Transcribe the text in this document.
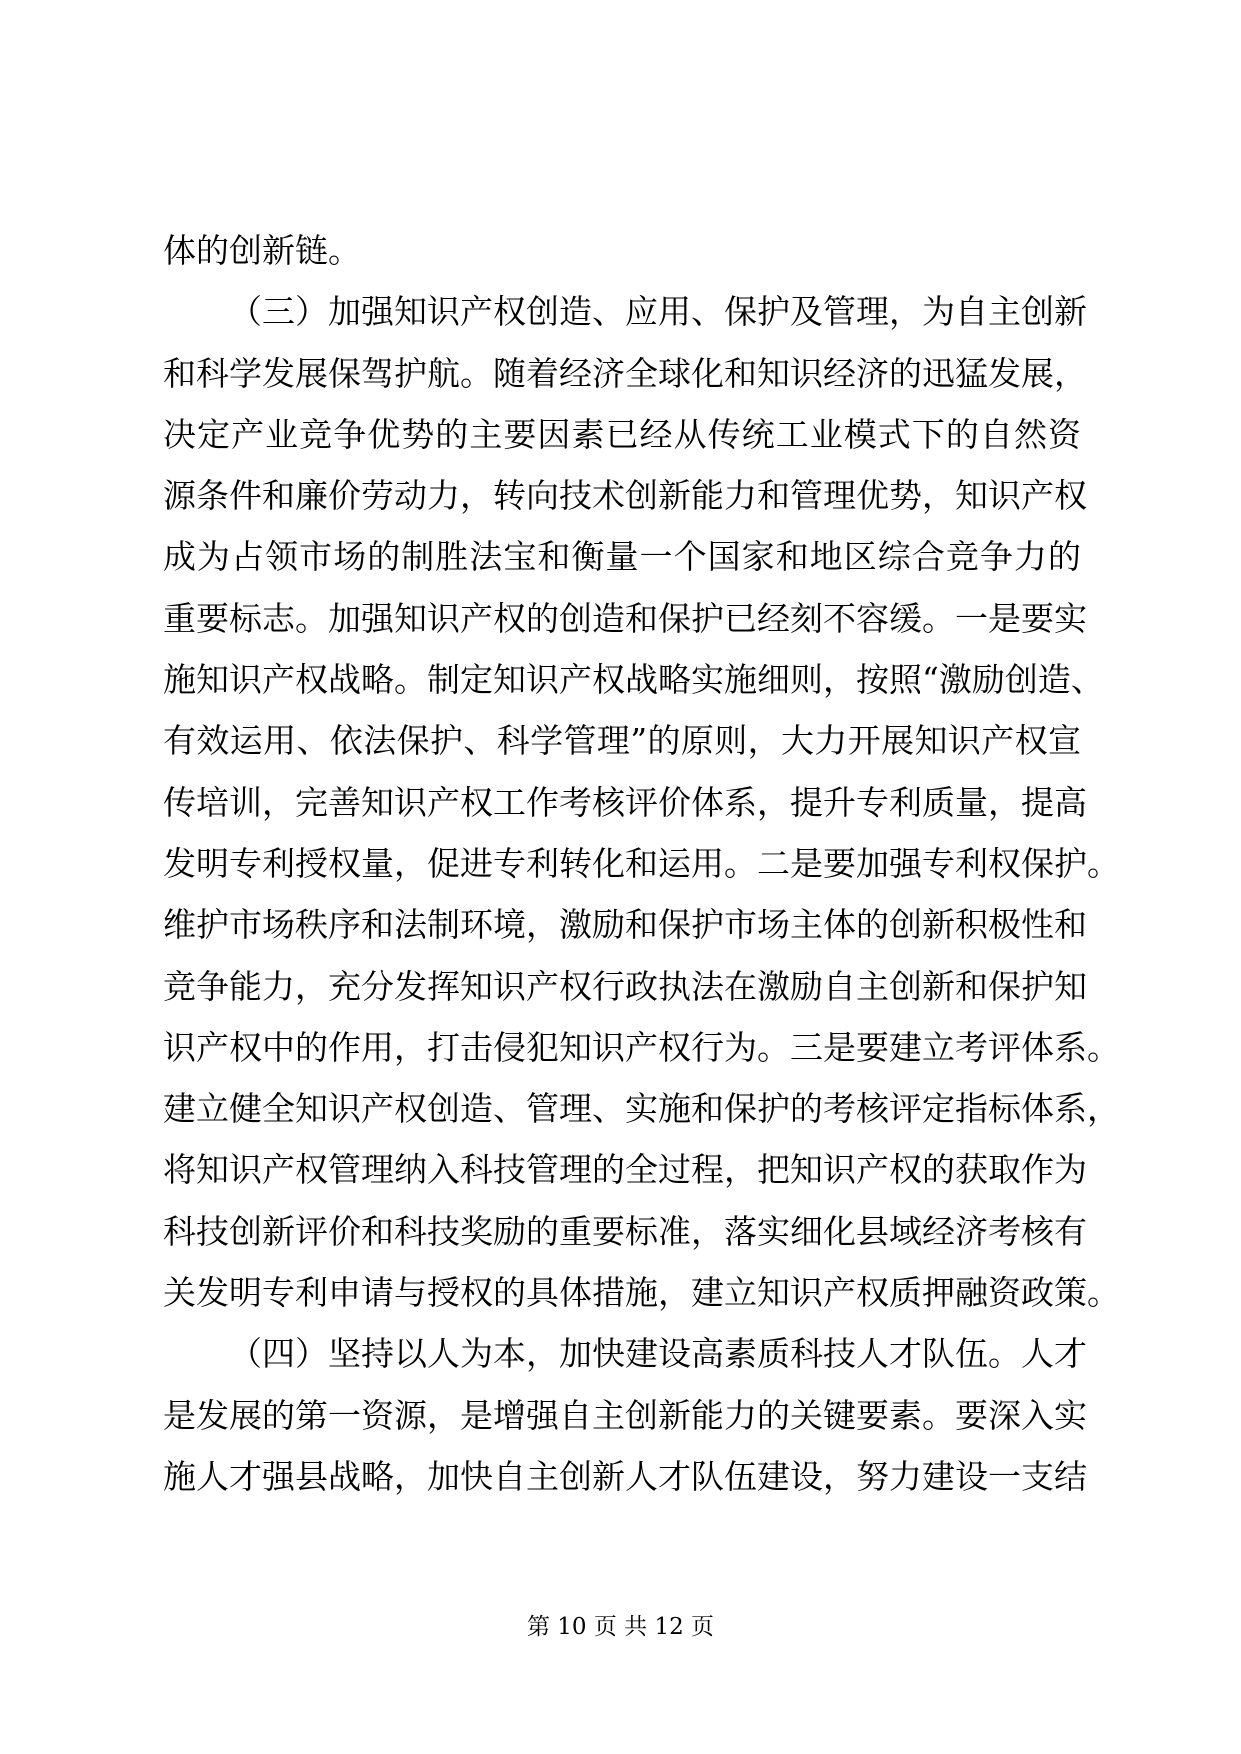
体的创新链。
（三）加强知识产权创造、应用、保护及管理，为自主创新
和科学发展保驾护航。随着经济全球化和知识经济的迅猛发展，
决定产业竞争优势的主要因素已经从传统工业模式下的自然资
源条件和廉价劳动力，转向技术创新能力和管理优势，知识产权
成为占领市场的制胜法宝和衡量一个国家和地区综合竞争力的
重要标志。加强知识产权的创造和保护已经刻不容缓。一是要实
施知识产权战略。制定知识产权战略实施细则，按照“激励创造、
有效运用、依法保护、科学管理”的原则，大力开展知识产权宣
传培训，完善知识产权工作考核评价体系，提升专利质量，提高
发明专利授权量，促进专利转化和运用。二是要加强专利权保护。
维护市场秩序和法制环境，激励和保护市场主体的创新积极性和
竞争能力，充分发挥知识产权行政执法在激励自主创新和保护知
识产权中的作用，打击侵犯知识产权行为。三是要建立考评体系。
建立健全知识产权创造、管理、实施和保护的考核评定指标体系，
将知识产权管理纳入科技管理的全过程，把知识产权的获取作为
科技创新评价和科技奖励的重要标准，落实细化县域经济考核有
关发明专利申请与授权的具体措施，建立知识产权质押融资政策。
（四）坚持以人为本，加快建设高素质科技人才队伍。人才
是发展的第一资源，是增强自主创新能力的关键要素。要深入实
施人才强县战略，加快自主创新人才队伍建设，努力建设一支结
第 10 页 共 12 页
